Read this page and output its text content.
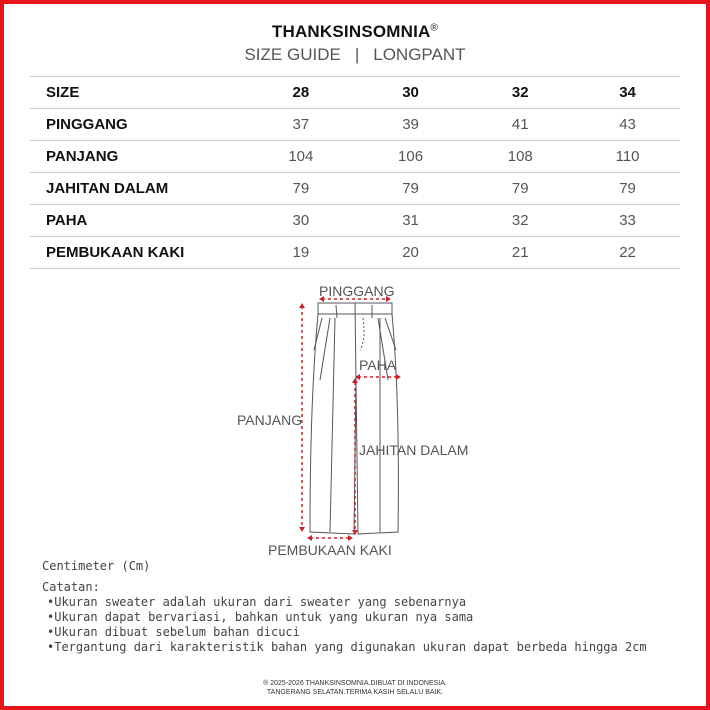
THANKSINSOMNIA®
SIZE GUIDE | LONGPANT
SIZE	28	30	32	34
PINGGANG	37	39	41	43
PANJANG	104	106	108	110
JAHITAN DALAM	79	79	79	79
PAHA	30	31	32	33
PEMBUKAAN KAKI	19	20	21	22
PINGGANG
PAHA
PANJANG
JAHITAN DALAM
PEMBUKAAN KAKI
Centimeter (Cm)
Catatan:
• Ukuran sweater adalah ukuran dari sweater yang sebenarnya
• Ukuran dapat bervariasi, bahkan untuk yang ukuran nya sama
• Ukuran dibuat sebelum bahan dicuci
• Tergantung dari karakteristik bahan yang digunakan ukuran dapat berbeda hingga 2cm
® 2025-2026 THANKSINSOMNIA.DIBUAT DI INDONESIA.
TANGERANG SELATAN.TERIMA KASIH SELALU BAIK.
